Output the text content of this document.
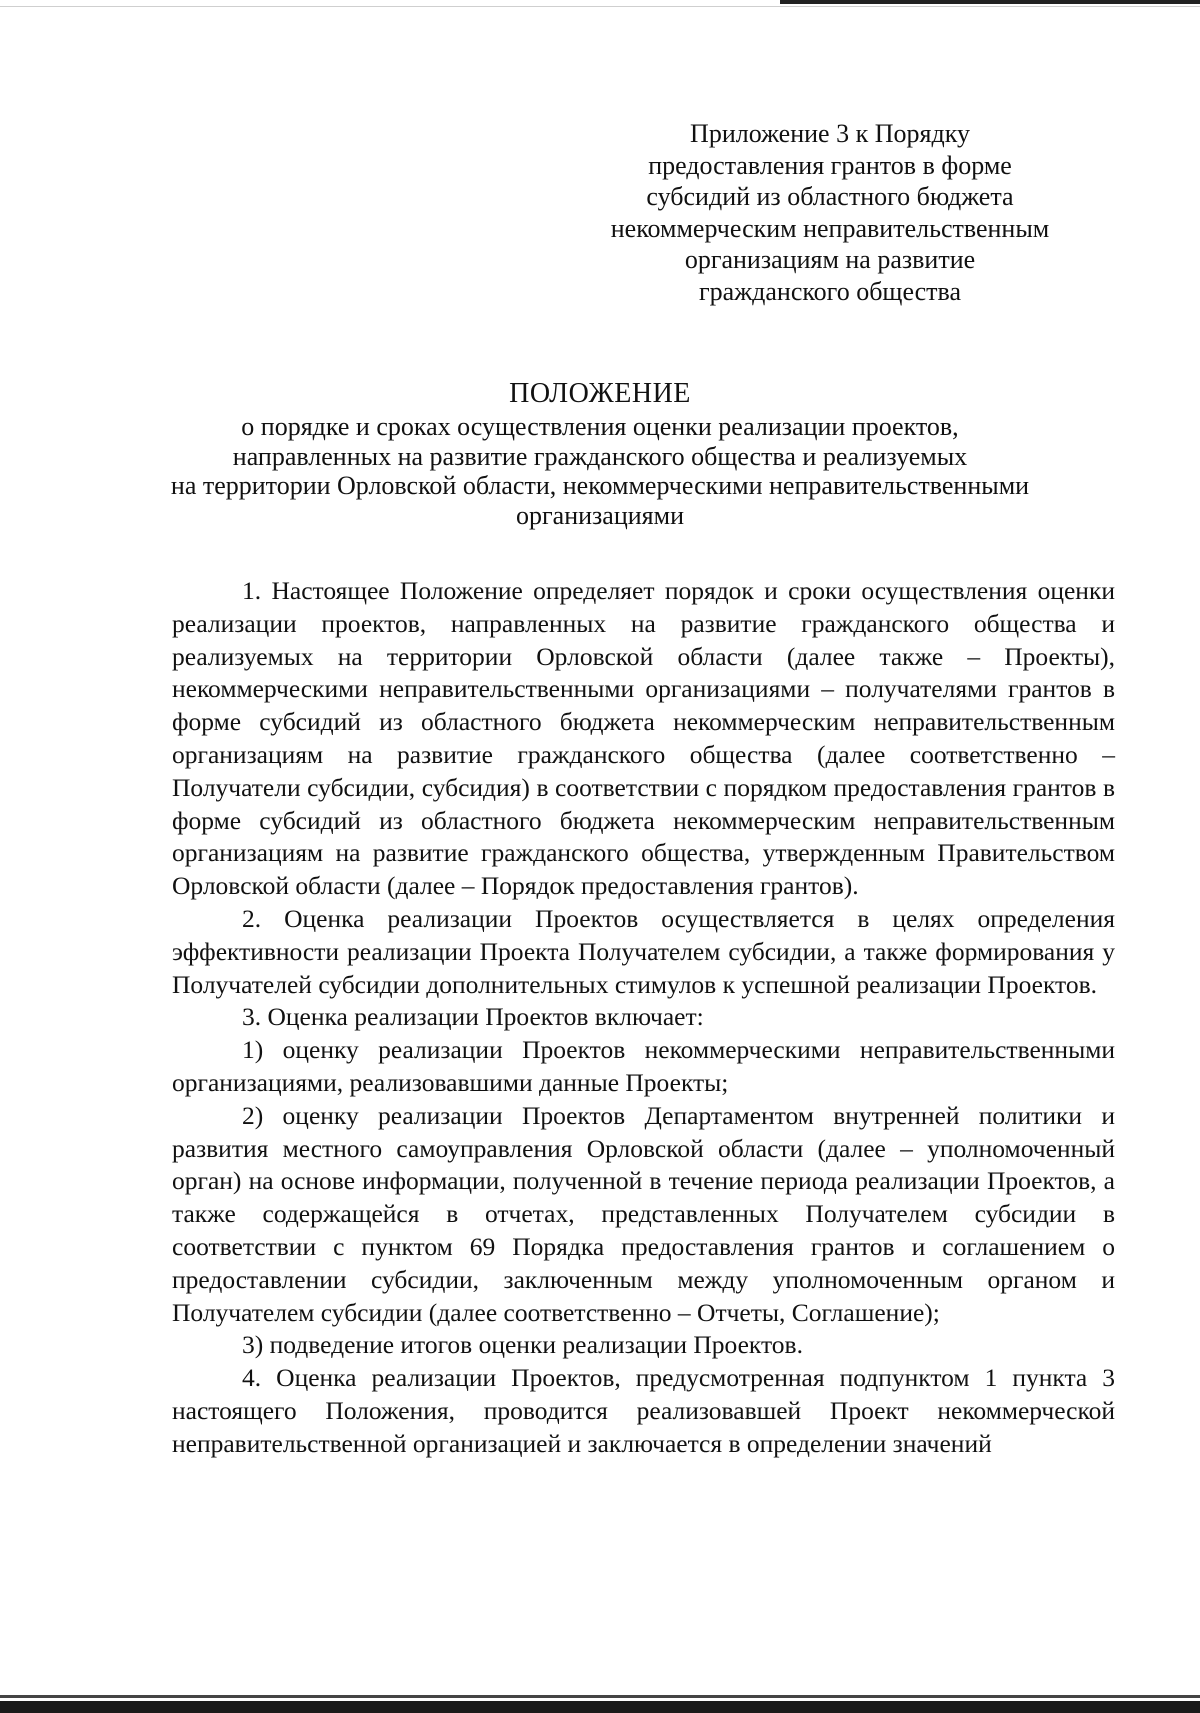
Приложение 3 к Порядку
предоставления грантов в форме
субсидий из областного бюджета
некоммерческим неправительственным
организациям на развитие
гражданского общества
ПОЛОЖЕНИЕ
о порядке и сроках осуществления оценки реализации проектов,
направленных на развитие гражданского общества и реализуемых
на территории Орловской области, некоммерческими неправительственными
организациями

1. Настоящее Положение определяет порядок и сроки осуществления оценки реализации проектов, направленных на развитие гражданского общества и реализуемых на территории Орловской области (далее также – Проекты), некоммерческими неправительственными организациями – получателями грантов в форме субсидий из областного бюджета некоммерческим неправительственным организациям на развитие гражданского общества (далее соответственно – Получатели субсидии, субсидия) в соответствии с порядком предоставления грантов в форме субсидий из областного бюджета некоммерческим неправительственным организациям на развитие гражданского общества, утвержденным Правительством Орловской области (далее – Порядок предоставления грантов).

2. Оценка реализации Проектов осуществляется в целях определения эффективности реализации Проекта Получателем субсидии, а также формирования у Получателей субсидии дополнительных стимулов к успешной реализации Проектов.

3. Оценка реализации Проектов включает:

1) оценку реализации Проектов некоммерческими неправительственными организациями, реализовавшими данные Проекты;

2) оценку реализации Проектов Департаментом внутренней политики и развития местного самоуправления Орловской области (далее – уполномоченный орган) на основе информации, полученной в течение периода реализации Проектов, а также содержащейся в отчетах, представленных Получателем субсидии в соответствии с пунктом 69 Порядка предоставления грантов и соглашением о предоставлении субсидии, заключенным между уполномоченным органом и Получателем субсидии (далее соответственно – Отчеты, Соглашение);

3) подведение итогов оценки реализации Проектов.

4. Оценка реализации Проектов, предусмотренная подпунктом 1 пункта 3 настоящего Положения, проводится реализовавшей Проект некоммерческой неправительственной организацией и заключается в определении значений
